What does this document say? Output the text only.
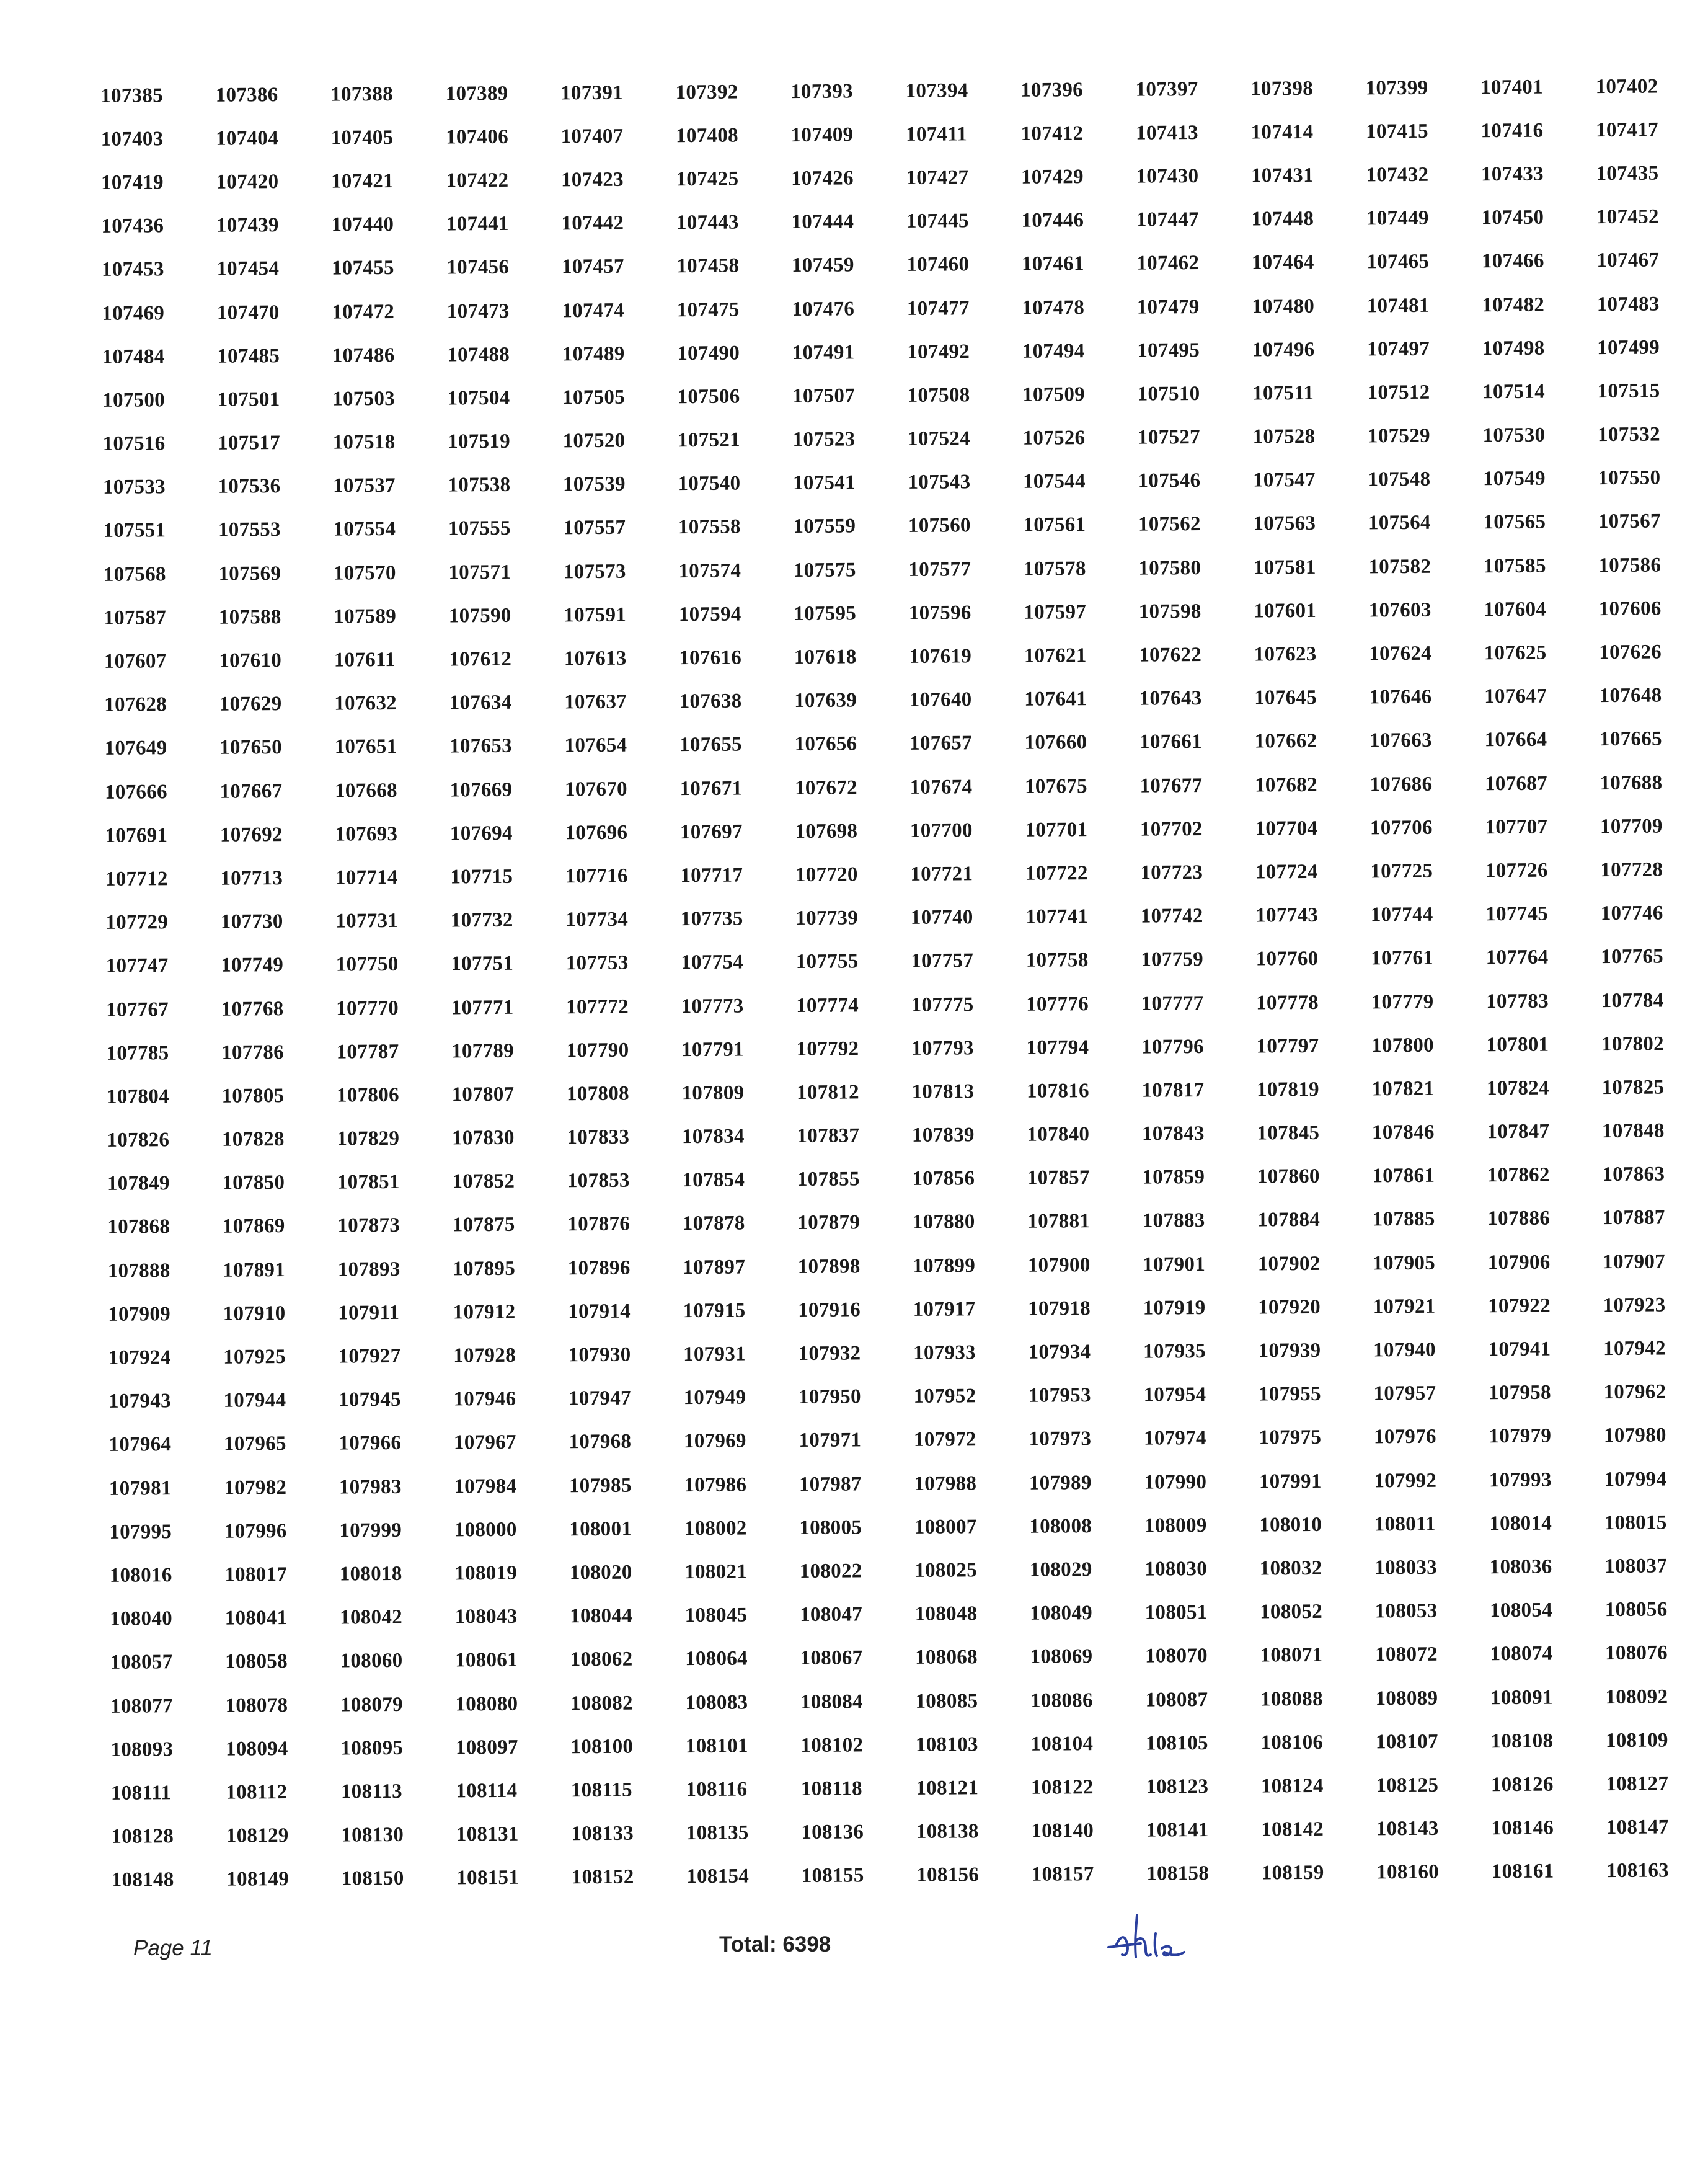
107385	107386	107388	107389	107391	107392	107393	107394	107396	107397	107398	107399	107401	107402
107403	107404	107405	107406	107407	107408	107409	107411	107412	107413	107414	107415	107416	107417
107419	107420	107421	107422	107423	107425	107426	107427	107429	107430	107431	107432	107433	107435
107436	107439	107440	107441	107442	107443	107444	107445	107446	107447	107448	107449	107450	107452
107453	107454	107455	107456	107457	107458	107459	107460	107461	107462	107464	107465	107466	107467
107469	107470	107472	107473	107474	107475	107476	107477	107478	107479	107480	107481	107482	107483
107484	107485	107486	107488	107489	107490	107491	107492	107494	107495	107496	107497	107498	107499
107500	107501	107503	107504	107505	107506	107507	107508	107509	107510	107511	107512	107514	107515
107516	107517	107518	107519	107520	107521	107523	107524	107526	107527	107528	107529	107530	107532
107533	107536	107537	107538	107539	107540	107541	107543	107544	107546	107547	107548	107549	107550
107551	107553	107554	107555	107557	107558	107559	107560	107561	107562	107563	107564	107565	107567
107568	107569	107570	107571	107573	107574	107575	107577	107578	107580	107581	107582	107585	107586
107587	107588	107589	107590	107591	107594	107595	107596	107597	107598	107601	107603	107604	107606
107607	107610	107611	107612	107613	107616	107618	107619	107621	107622	107623	107624	107625	107626
107628	107629	107632	107634	107637	107638	107639	107640	107641	107643	107645	107646	107647	107648
107649	107650	107651	107653	107654	107655	107656	107657	107660	107661	107662	107663	107664	107665
107666	107667	107668	107669	107670	107671	107672	107674	107675	107677	107682	107686	107687	107688
107691	107692	107693	107694	107696	107697	107698	107700	107701	107702	107704	107706	107707	107709
107712	107713	107714	107715	107716	107717	107720	107721	107722	107723	107724	107725	107726	107728
107729	107730	107731	107732	107734	107735	107739	107740	107741	107742	107743	107744	107745	107746
107747	107749	107750	107751	107753	107754	107755	107757	107758	107759	107760	107761	107764	107765
107767	107768	107770	107771	107772	107773	107774	107775	107776	107777	107778	107779	107783	107784
107785	107786	107787	107789	107790	107791	107792	107793	107794	107796	107797	107800	107801	107802
107804	107805	107806	107807	107808	107809	107812	107813	107816	107817	107819	107821	107824	107825
107826	107828	107829	107830	107833	107834	107837	107839	107840	107843	107845	107846	107847	107848
107849	107850	107851	107852	107853	107854	107855	107856	107857	107859	107860	107861	107862	107863
107868	107869	107873	107875	107876	107878	107879	107880	107881	107883	107884	107885	107886	107887
107888	107891	107893	107895	107896	107897	107898	107899	107900	107901	107902	107905	107906	107907
107909	107910	107911	107912	107914	107915	107916	107917	107918	107919	107920	107921	107922	107923
107924	107925	107927	107928	107930	107931	107932	107933	107934	107935	107939	107940	107941	107942
107943	107944	107945	107946	107947	107949	107950	107952	107953	107954	107955	107957	107958	107962
107964	107965	107966	107967	107968	107969	107971	107972	107973	107974	107975	107976	107979	107980
107981	107982	107983	107984	107985	107986	107987	107988	107989	107990	107991	107992	107993	107994
107995	107996	107999	108000	108001	108002	108005	108007	108008	108009	108010	108011	108014	108015
108016	108017	108018	108019	108020	108021	108022	108025	108029	108030	108032	108033	108036	108037
108040	108041	108042	108043	108044	108045	108047	108048	108049	108051	108052	108053	108054	108056
108057	108058	108060	108061	108062	108064	108067	108068	108069	108070	108071	108072	108074	108076
108077	108078	108079	108080	108082	108083	108084	108085	108086	108087	108088	108089	108091	108092
108093	108094	108095	108097	108100	108101	108102	108103	108104	108105	108106	108107	108108	108109
108111	108112	108113	108114	108115	108116	108118	108121	108122	108123	108124	108125	108126	108127
108128	108129	108130	108131	108133	108135	108136	108138	108140	108141	108142	108143	108146	108147
108148	108149	108150	108151	108152	108154	108155	108156	108157	108158	108159	108160	108161	108163
Page 11	Total: 6398
